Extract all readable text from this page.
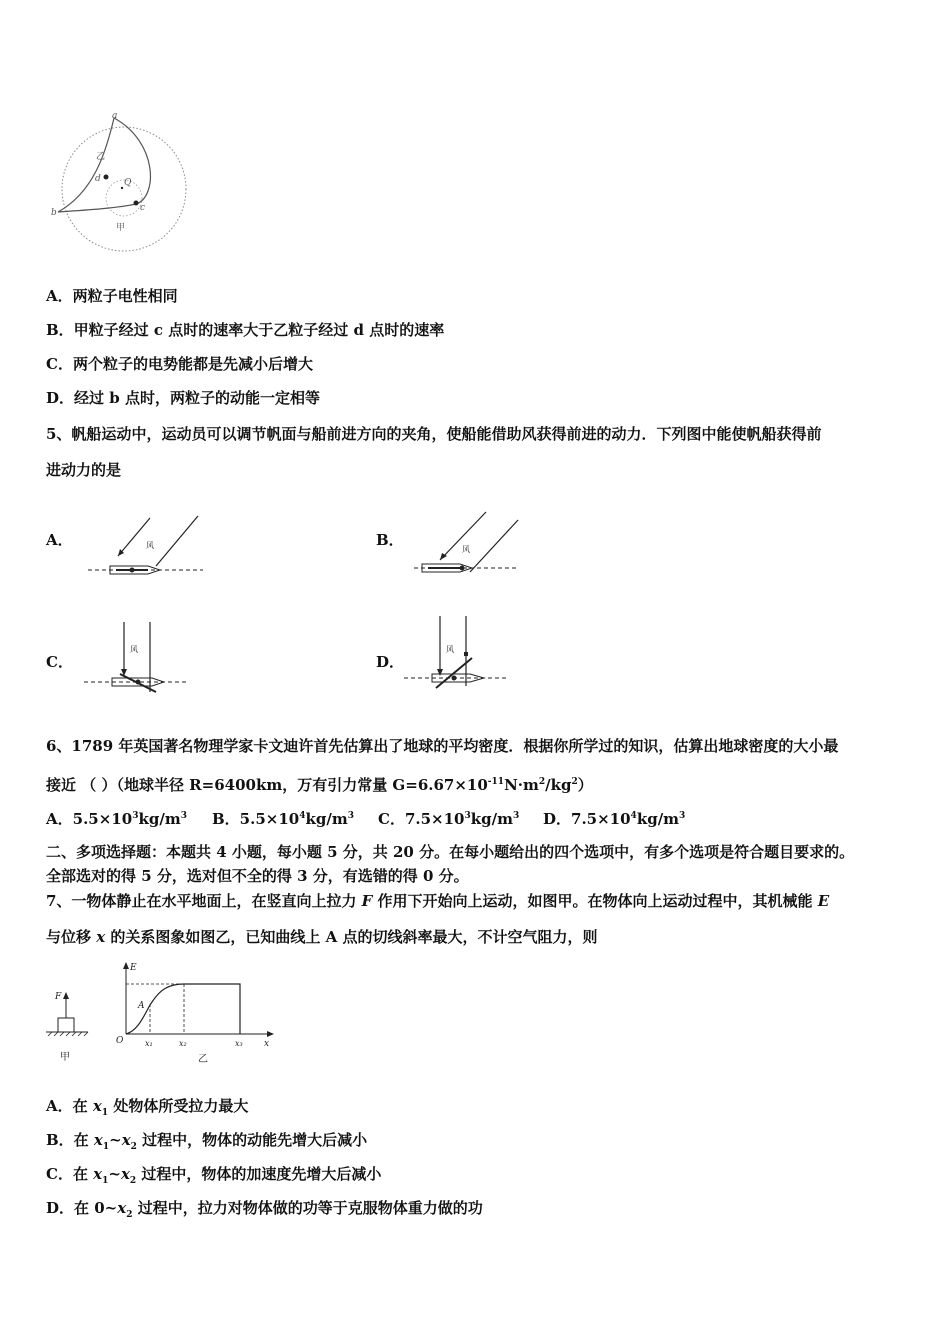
a
b	c
d	Q
乙
甲
A．两粒子电性相同
B．甲粒子经过 c 点时的速率大于乙粒子经过 d 点时的速率
C．两个粒子的电势能都是先减小后增大
D．经过 b 点时，两粒子的动能一定相等
5、帆船运动中，运动员可以调节帆面与船前进方向的夹角，使船能借助风获得前进的动力．下列图中能使帆船获得前
进动力的是
A．	风	B．
风
C．
风
D．
风
6、1789 年英国著名物理学家卡文迪许首先估算出了地球的平均密度．根据你所学过的知识，估算出地球密度的大小最
接近 （ ）（地球半径 R=6400km，万有引力常量 $G=6.67\times 10^{-11}N\cdot m^2/kg^2$）
A．$5.5\times 10^3kg/m^3$ B．$5.5\times 10^4kg/m^3$ C．$7.5\times 10^3kg/m^3$ D．$7.5\times 10^4kg/m^3$
二、多项选择题：本题共 4 小题，每小题 5 分，共 20 分。在每小题给出的四个选项中，有多个选项是符合题目要求的。
全部选对的得 5 分，选对但不全的得 3 分，有选错的得 0 分。
7、一物体静止在水平地面上，在竖直向上拉力 F 作用下开始向上运动，如图甲。在物体向上运动过程中，其机械能 E
与位移 x 的关系图象如图乙，已知曲线上 A 点的切线斜率最大，不计空气阻力，则
F
甲
E
A
O	x₁	x₂	x₃ x
乙
A．在 $x_1$ 处物体所受拉力最大
B．在 $x_1\sim x_2$ 过程中，物体的动能先增大后减小
C．在 $x_1\sim x_2$ 过程中，物体的加速度先增大后减小
D．在 $0\sim x_2$ 过程中，拉力对物体做的功等于克服物体重力做的功
